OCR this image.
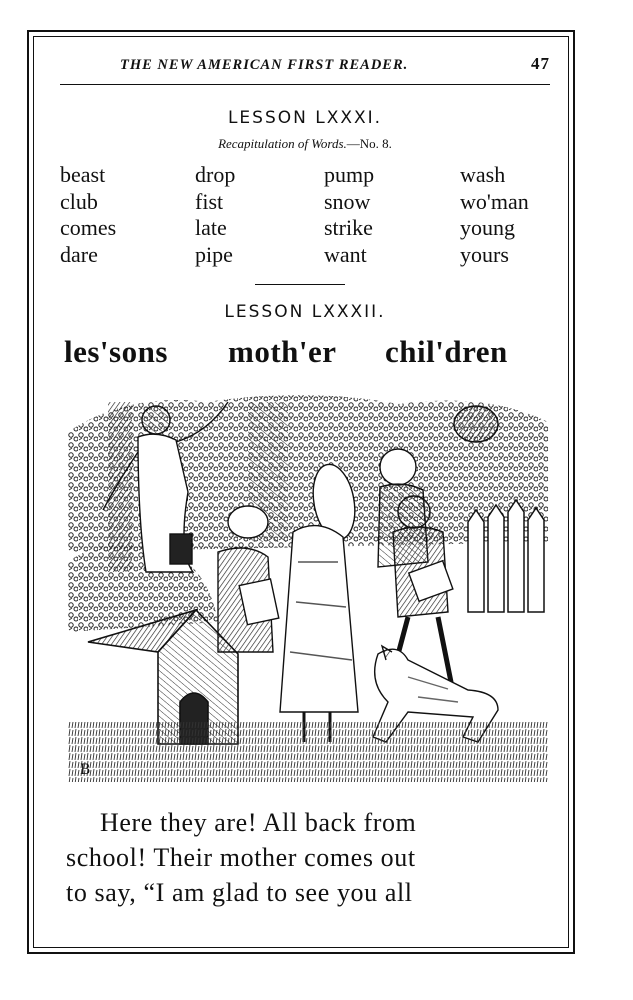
THE NEW AMERICAN FIRST READER.	47
LESSON LXXXI.
Recapitulation of Words.—No. 8.
beast
club
comes
dare
drop
fist
late
pipe
pump
snow
strike
want
wash
wo'man
young
yours
LESSON LXXXII.
les'sons moth'er chil'dren
B
Here they are! All back from
school! Their mother comes out
to say, “I am glad to see you all
